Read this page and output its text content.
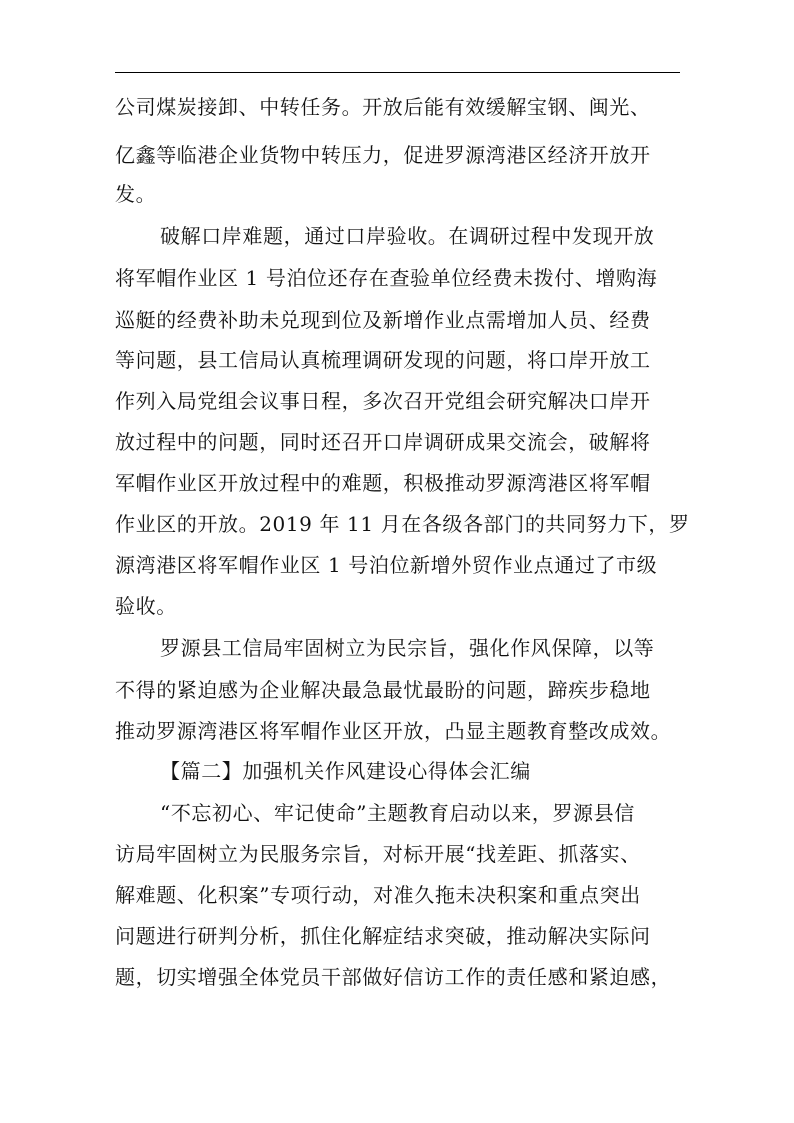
公司煤炭接卸、中转任务。开放后能有效缓解宝钢、闽光、
亿鑫等临港企业货物中转压力，促进罗源湾港区经济开放开
发。
破解口岸难题，通过口岸验收。在调研过程中发现开放
将军帽作业区 1 号泊位还存在查验单位经费未拨付、增购海
巡艇的经费补助未兑现到位及新增作业点需增加人员、经费
等问题，县工信局认真梳理调研发现的问题，将口岸开放工
作列入局党组会议事日程，多次召开党组会研究解决口岸开
放过程中的问题，同时还召开口岸调研成果交流会，破解将
军帽作业区开放过程中的难题，积极推动罗源湾港区将军帽
作业区的开放。2019 年 11 月在各级各部门的共同努力下，罗
源湾港区将军帽作业区 1 号泊位新增外贸作业点通过了市级
验收。
罗源县工信局牢固树立为民宗旨，强化作风保障，以等
不得的紧迫感为企业解决最急最忧最盼的问题，蹄疾步稳地
推动罗源湾港区将军帽作业区开放，凸显主题教育整改成效。
【篇二】加强机关作风建设心得体会汇编
“不忘初心、牢记使命”主题教育启动以来，罗源县信
访局牢固树立为民服务宗旨，对标开展“找差距、抓落实、
解难题、化积案”专项行动，对准久拖未决积案和重点突出
问题进行研判分析，抓住化解症结求突破，推动解决实际问
题，切实增强全体党员干部做好信访工作的责任感和紧迫感，
